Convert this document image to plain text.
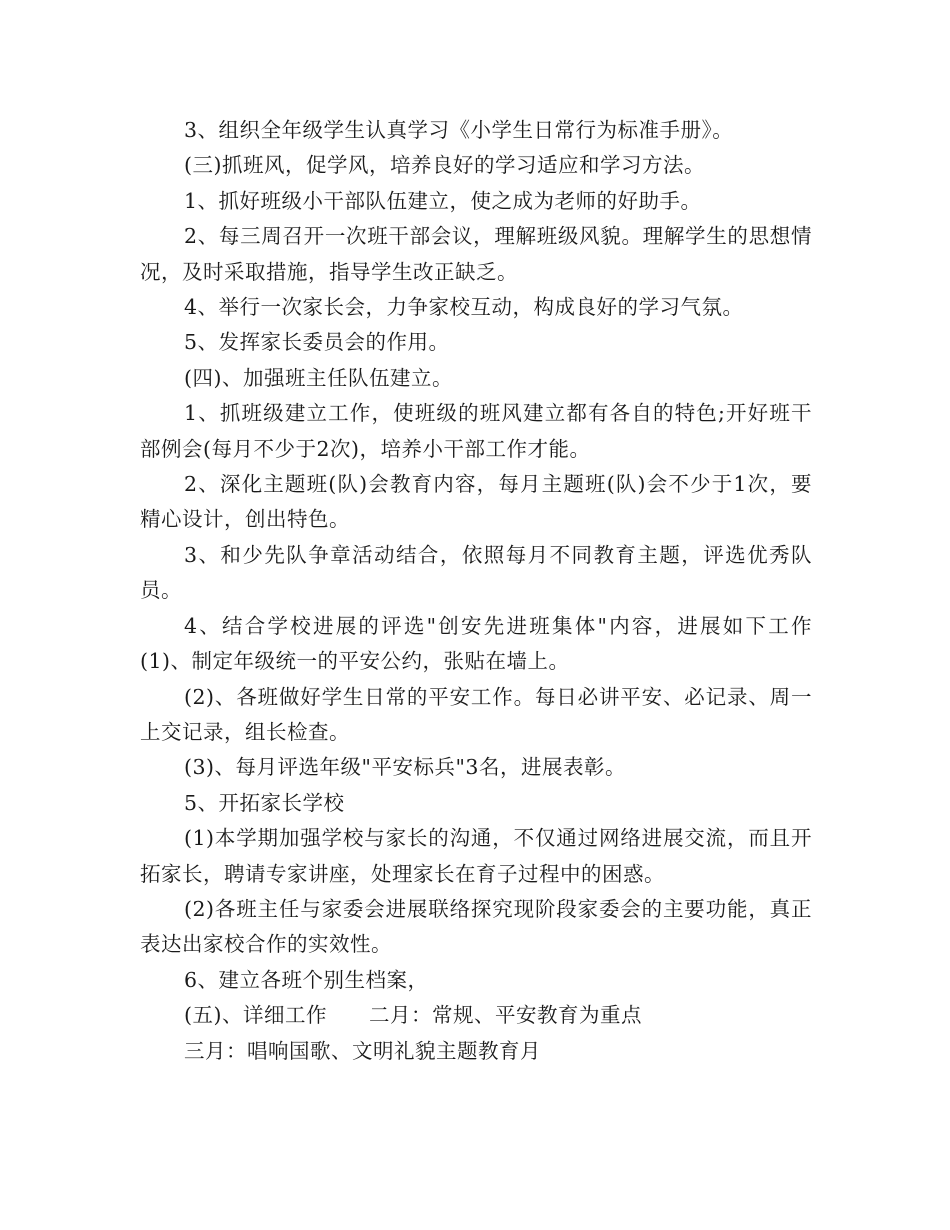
3、组织全年级学生认真学习《小学生日常行为标准手册》。

(三)抓班风，促学风，培养良好的学习适应和学习方法。

1、抓好班级小干部队伍建立，使之成为老师的好助手。

2、每三周召开一次班干部会议，理解班级风貌。理解学生的思想情况，及时采取措施，指导学生改正缺乏。

4、举行一次家长会，力争家校互动，构成良好的学习气氛。

5、发挥家长委员会的作用。

(四)、加强班主任队伍建立。

1、抓班级建立工作，使班级的班风建立都有各自的特色;开好班干部例会(每月不少于2次)，培养小干部工作才能。

2、深化主题班(队)会教育内容，每月主题班(队)会不少于1次，要精心设计，创出特色。

3、和少先队争章活动结合，依照每月不同教育主题，评选优秀队员。

4、结合学校进展的评选"创安先进班集体"内容，进展如下工作(1)、制定年级统一的平安公约，张贴在墙上。

(2)、各班做好学生日常的平安工作。每日必讲平安、必记录、周一上交记录，组长检查。

(3)、每月评选年级"平安标兵"3名，进展表彰。

5、开拓家长学校

(1)本学期加强学校与家长的沟通，不仅通过网络进展交流，而且开拓家长，聘请专家讲座，处理家长在育子过程中的困惑。

(2)各班主任与家委会进展联络探究现阶段家委会的主要功能，真正表达出家校合作的实效性。

6、建立各班个别生档案，

(五)、详细工作　　二月：常规、平安教育为重点

三月：唱响国歌、文明礼貌主题教育月
